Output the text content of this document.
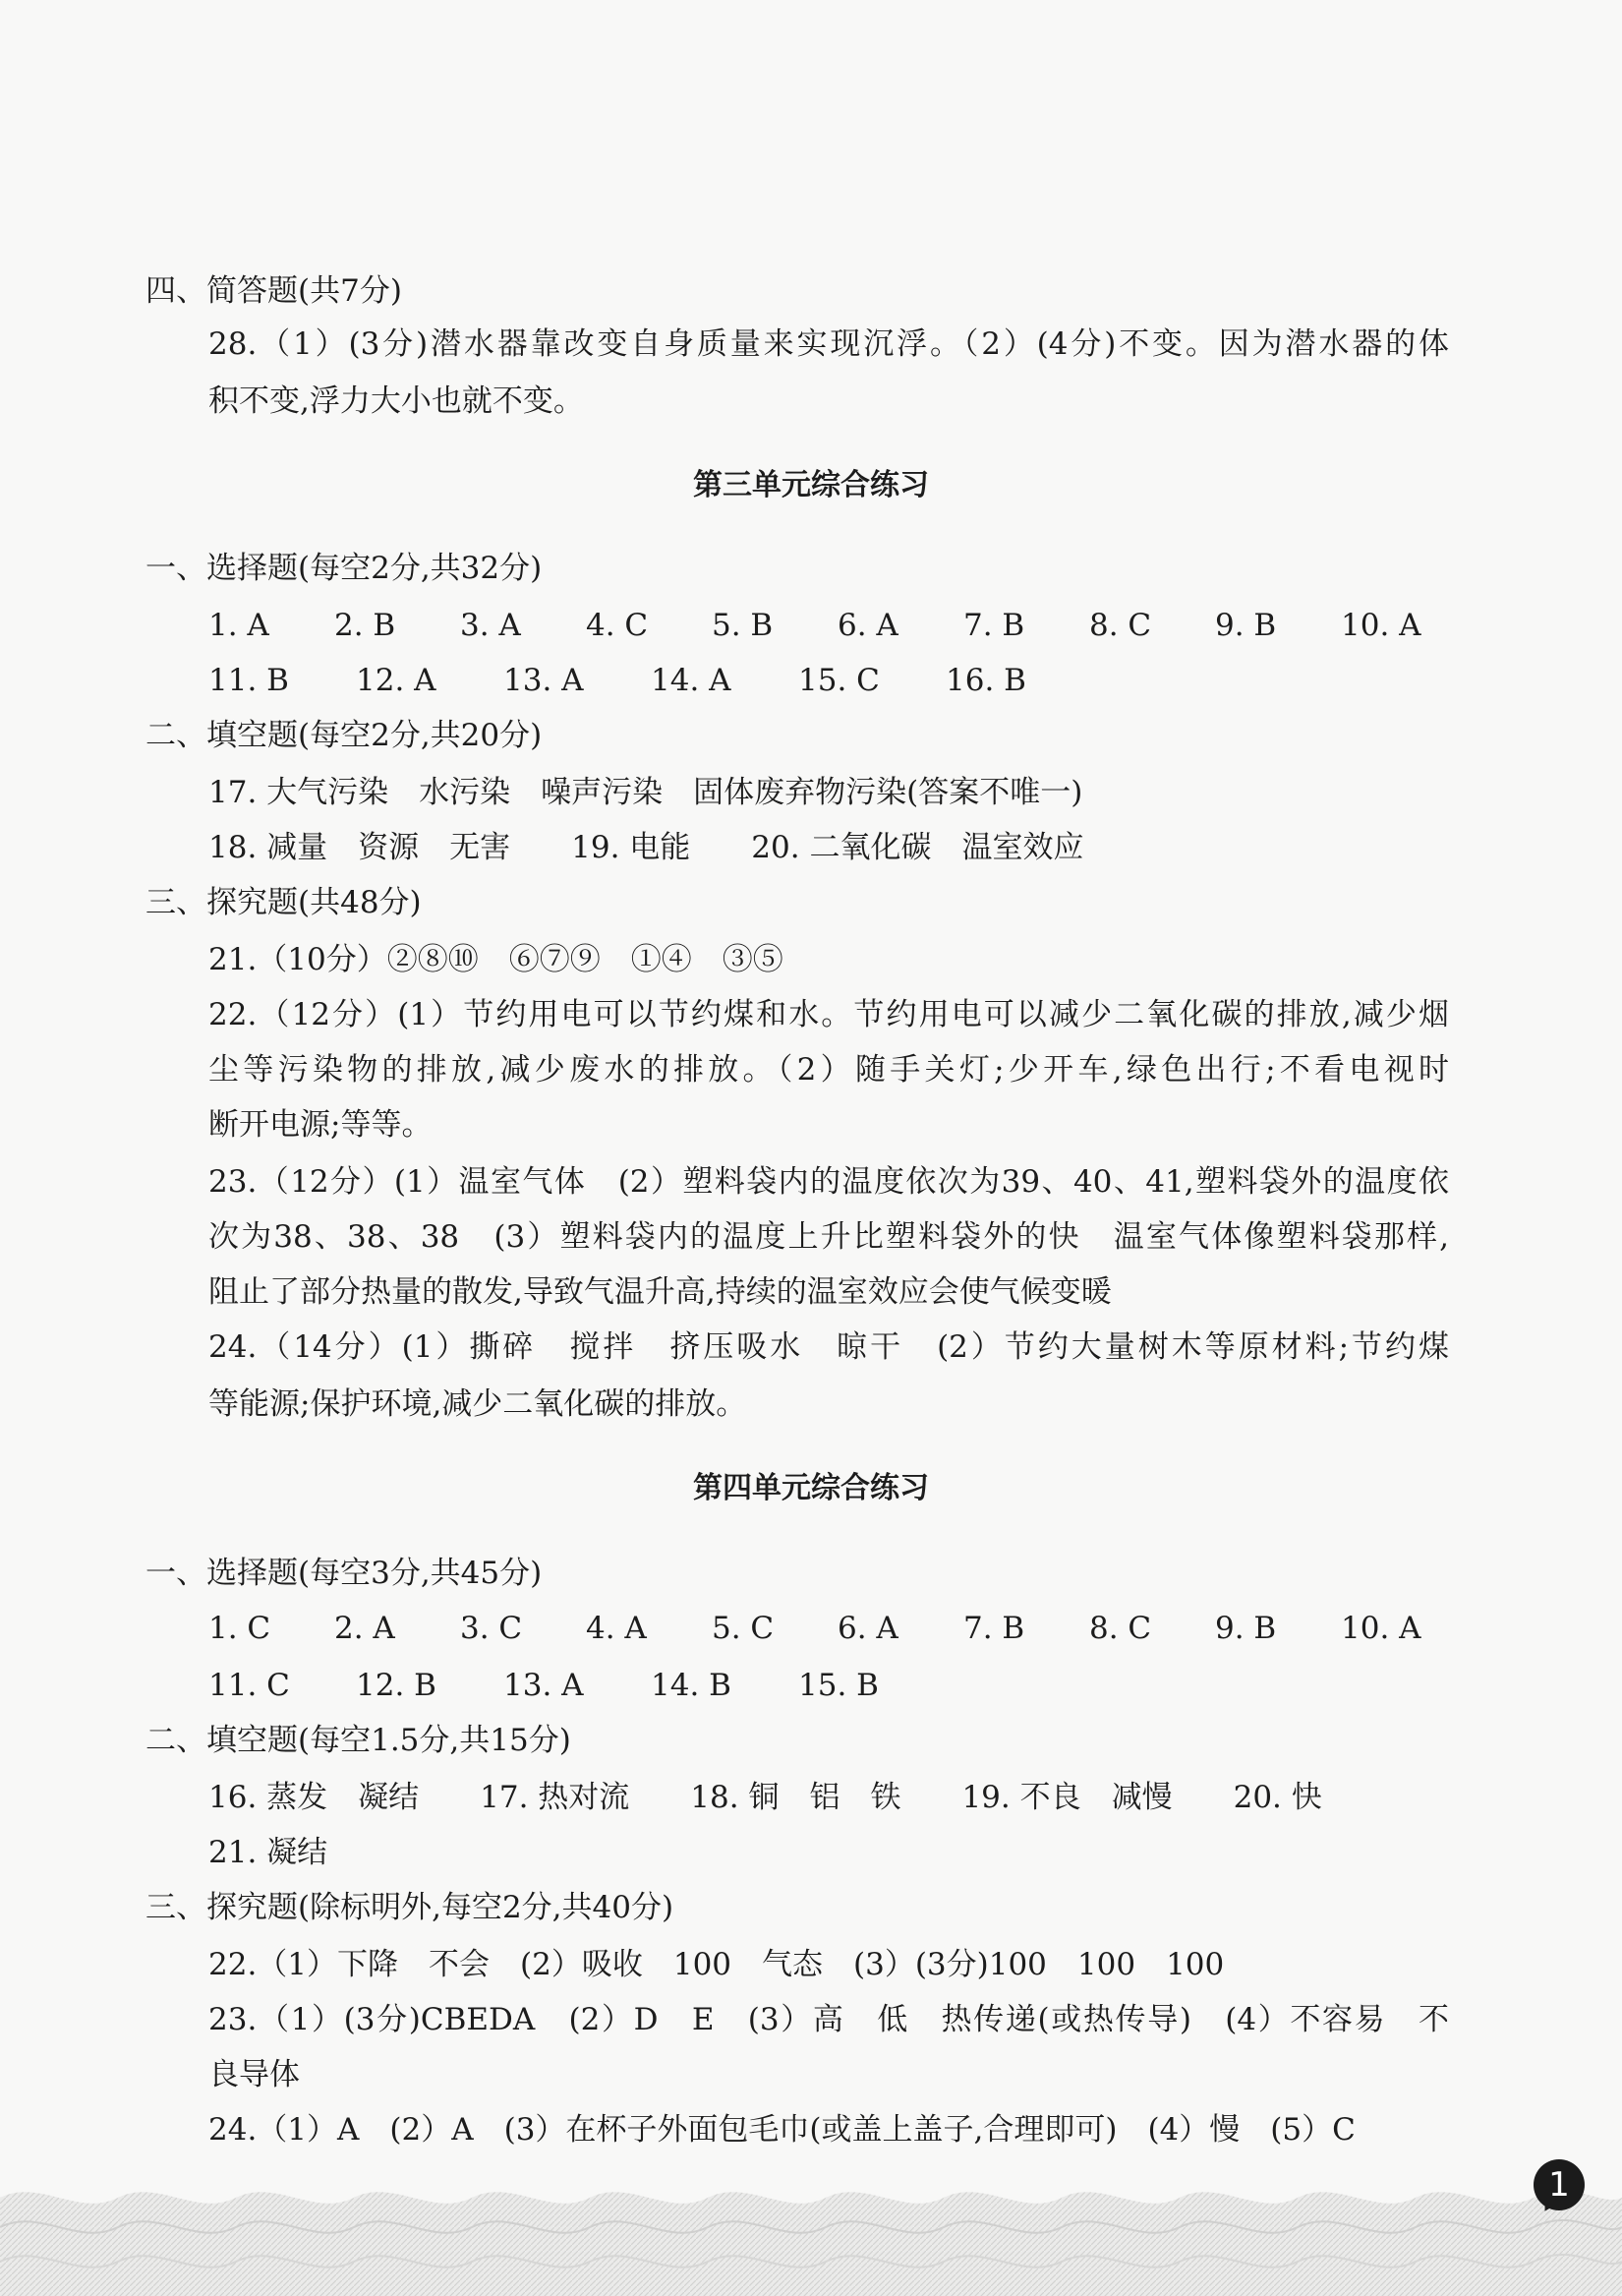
四、简答题(共7分)
28.（1）(3分)潜水器靠改变自身质量来实现沉浮。（2）(4分)不变。因为潜水器的体
积不变,浮力大小也就不变。
第三单元综合练习
一、选择题(每空2分,共32分)
1. A 2. B 3. A 4. C 5. B 6. A 7. B 8. C 9. B 10. A
11. B 12. A 13. A 14. A 15. C 16. B
二、填空题(每空2分,共20分)
17. 大气污染　水污染　噪声污染　固体废弃物污染(答案不唯一)
18. 减量　资源　无害　　19. 电能　　20. 二氧化碳　温室效应
三、探究题(共48分)
21.（10分）②⑧⑩　⑥⑦⑨　①④　③⑤
22.（12分）(1）节约用电可以节约煤和水。节约用电可以减少二氧化碳的排放,减少烟
尘等污染物的排放,减少废水的排放。（2）随手关灯;少开车,绿色出行;不看电视时
断开电源;等等。
23.（12分）(1）温室气体　(2）塑料袋内的温度依次为39、40、41,塑料袋外的温度依
次为38、38、38　(3）塑料袋内的温度上升比塑料袋外的快　温室气体像塑料袋那样,
阻止了部分热量的散发,导致气温升高,持续的温室效应会使气候变暖
24.（14分）(1）撕碎　搅拌　挤压吸水　晾干　(2）节约大量树木等原材料;节约煤
等能源;保护环境,减少二氧化碳的排放。
第四单元综合练习
一、选择题(每空3分,共45分)
1. C 2. A 3. C 4. A 5. C 6. A 7. B 8. C 9. B 10. A
11. C 12. B 13. A 14. B 15. B
二、填空题(每空1.5分,共15分)
16. 蒸发　凝结　　17. 热对流　　18. 铜　铝　铁　　19. 不良　减慢　　20. 快
21. 凝结
三、探究题(除标明外,每空2分,共40分)
22.（1）下降　不会　(2）吸收　100　气态　(3）(3分)100　100　100
23.（1）(3分)CBEDA　(2）D　E　(3）高　低　热传递(或热传导)　(4）不容易　不
良导体
24.（1）A　(2）A　(3）在杯子外面包毛巾(或盖上盖子,合理即可)　(4）慢　(5）C
1
